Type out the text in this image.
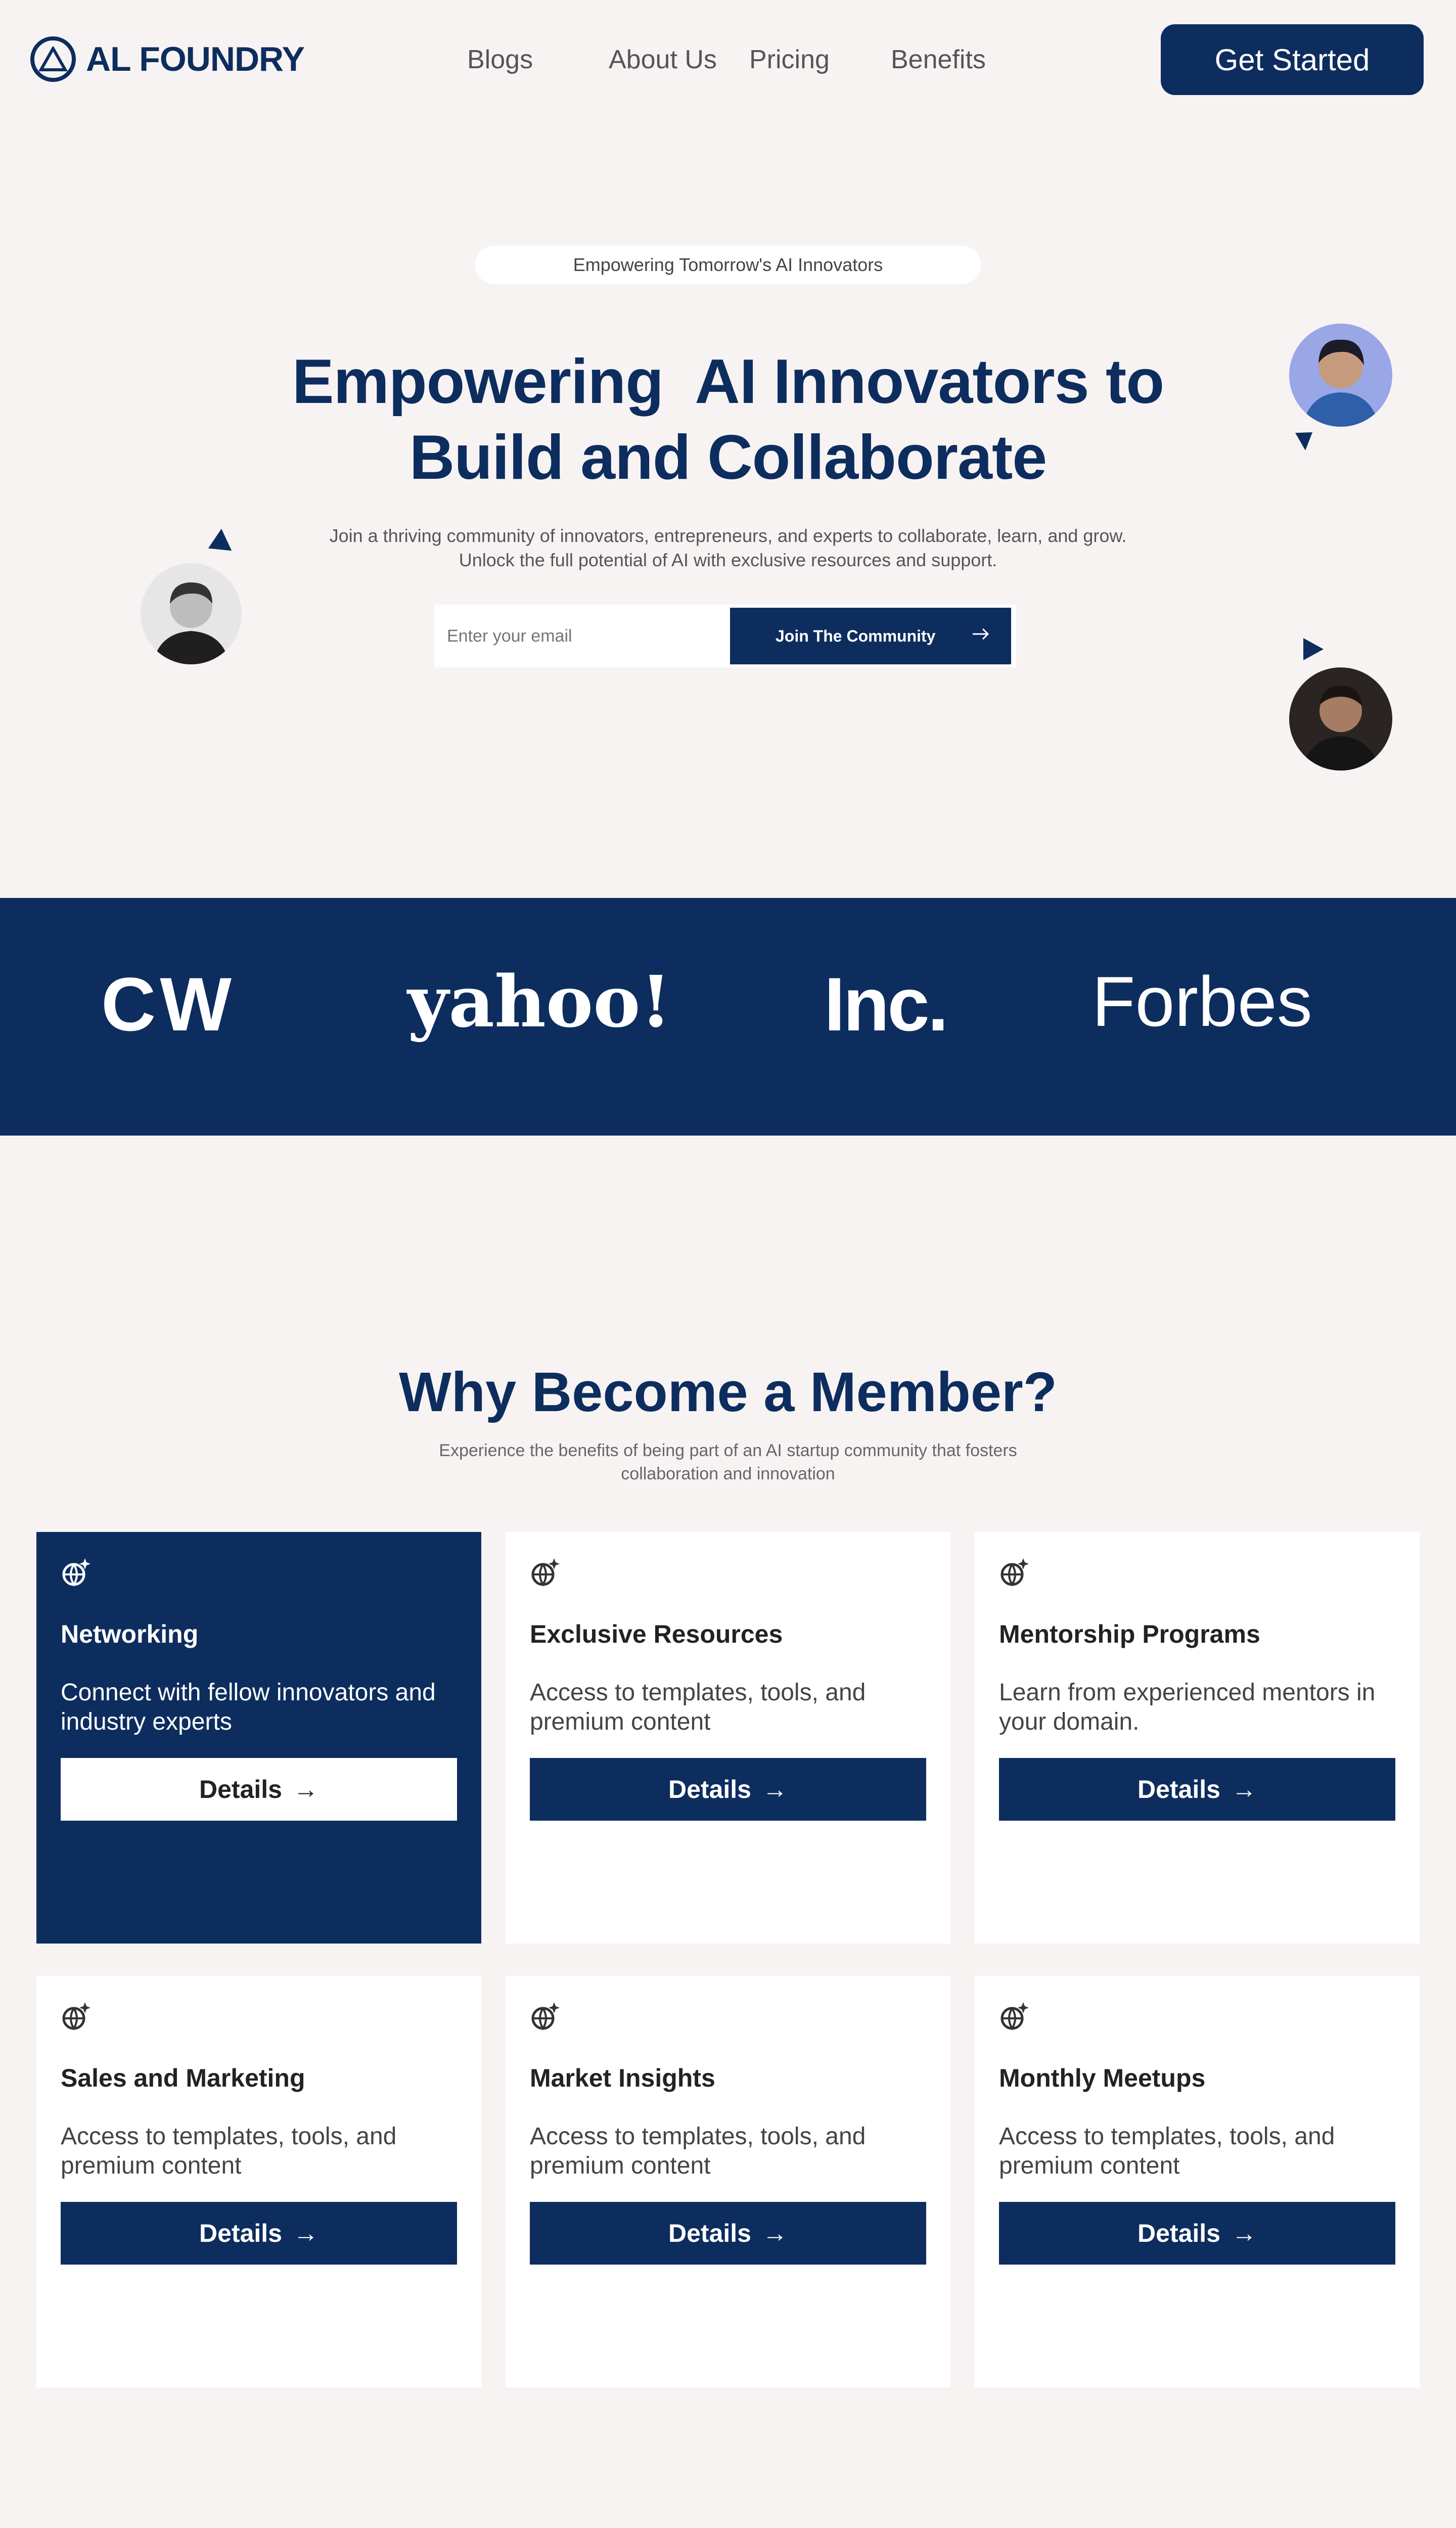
AL FOUNDRY	Blogs	About Us Pricing Benefits	Get Started
Empowering Tomorrow's AI Innovators
Empowering  AI Innovators to
Build and Collaborate
Join a thriving community of innovators, entrepreneurs, and experts to collaborate, learn, and grow. Unlock the full potential of AI with exclusive resources and support.
Enter your email
Join The Community
CW yahoo! Inc. Forbes
Why Become a Member?
Experience the benefits of being part of an AI startup community that fosters collaboration and innovation
Networking

Connect with fellow innovators and industry experts

Details →
Exclusive Resources

Access to templates, tools, and premium content

Details →
Mentorship Programs

Learn from experienced mentors in your domain.

Details →
Sales and Marketing

Access to templates, tools, and premium content

Details →
Market Insights

Access to templates, tools, and premium content

Details →
Monthly Meetups

Access to templates, tools, and premium content

Details →
